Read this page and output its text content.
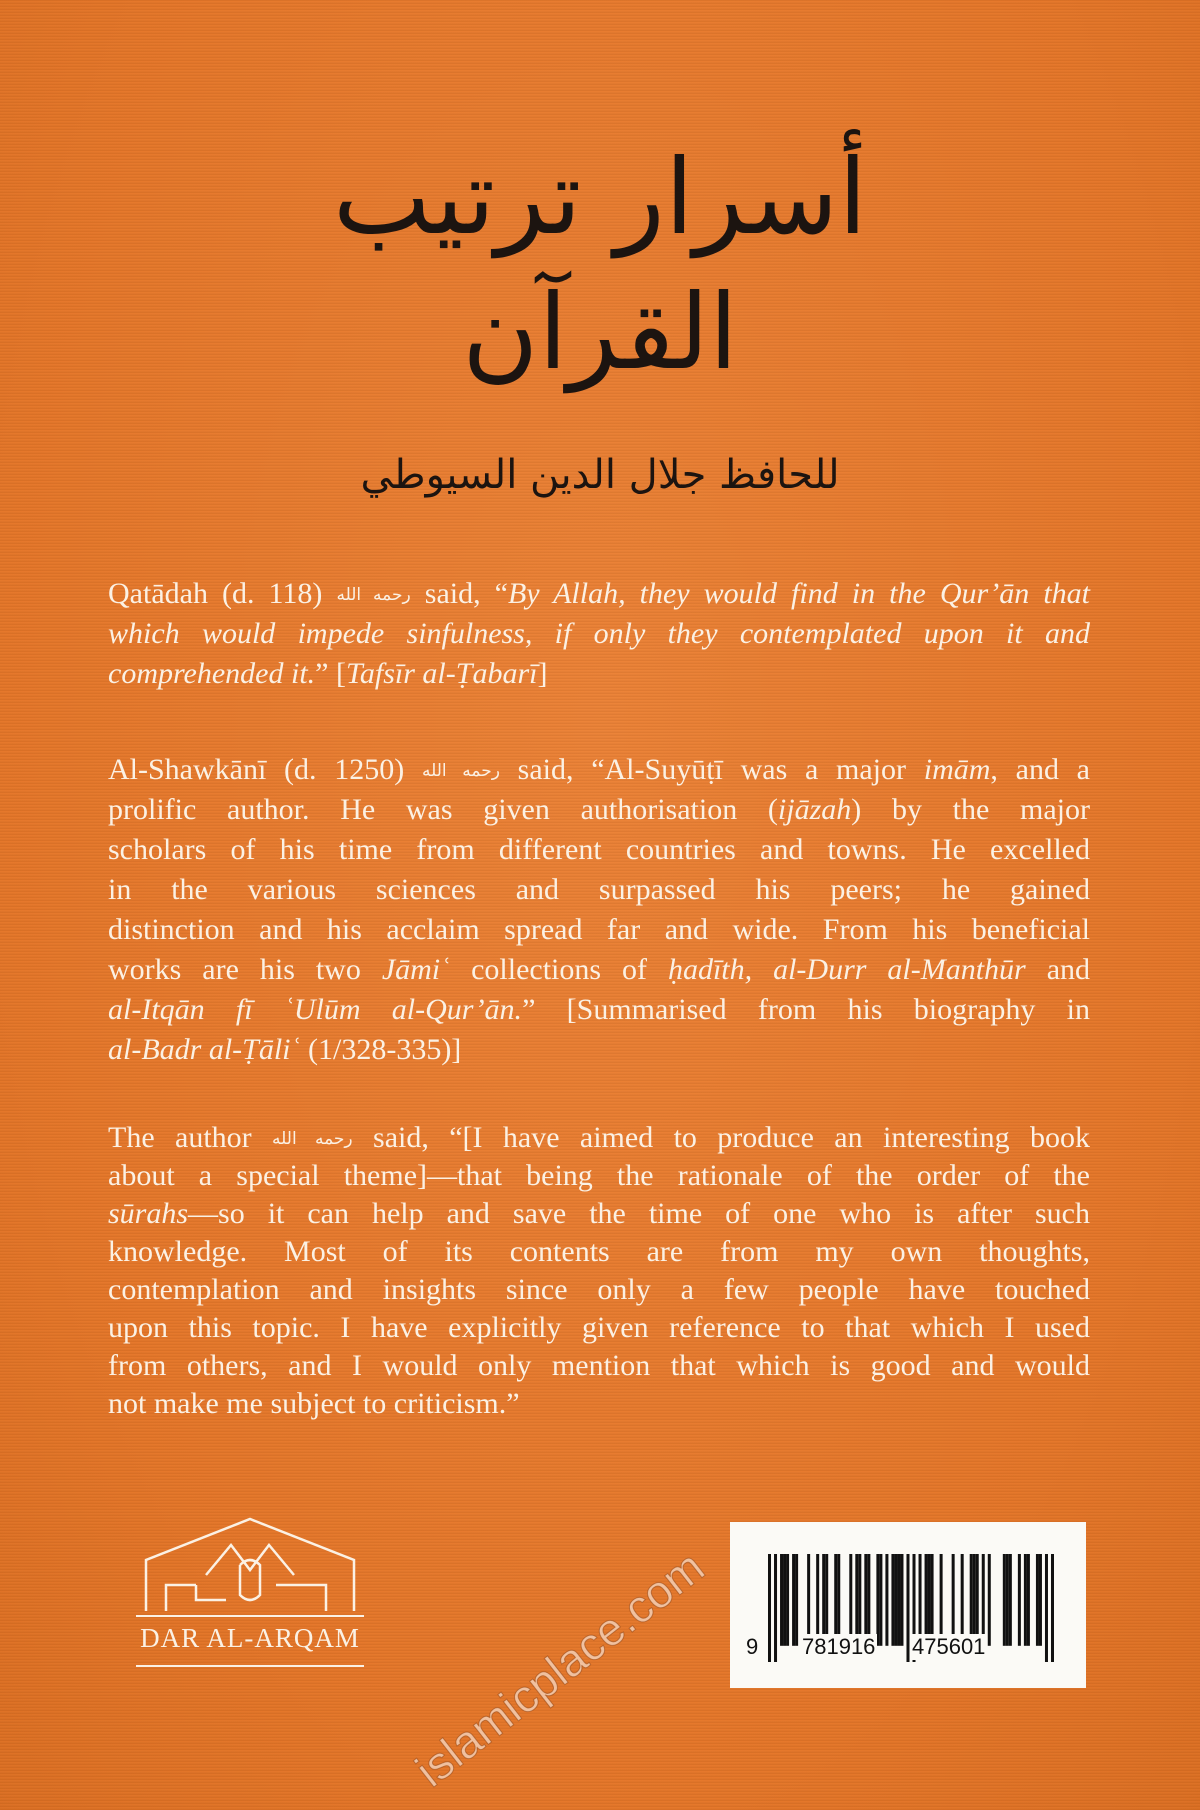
أسرار ترتيب القرآن
للحافظ جلال الدين السيوطي
Qatādah (d. 118) رحمه الله said, “By Allah, they would find in the Qur’ān that
which would impede sinfulness, if only they contemplated upon it and
comprehended it.” [Tafsīr al-Ṭabarī]
Al-Shawkānī (d. 1250) رحمه الله said, “Al-Suyūṭī was a major imām, and a
prolific author. He was given authorisation (ijāzah) by the major
scholars of his time from different countries and towns. He excelled
in the various sciences and surpassed his peers; he gained
distinction and his acclaim spread far and wide. From his beneficial
works are his two Jāmiʿ collections of ḥadīth, al-Durr al-Manthūr and
al-Itqān fī ʿUlūm al-Qur’ān.” [Summarised from his biography in
al-Badr al-Ṭāliʿ (1/328-335)]
The author رحمه الله said, “[I have aimed to produce an interesting book
about a special theme]—that being the rationale of the order of the
sūrahs—so it can help and save the time of one who is after such
knowledge. Most of its contents are from my own thoughts,
contemplation and insights since only a few people have touched
upon this topic. I have explicitly given reference to that which I used
from others, and I would only mention that which is good and would
not make me subject to criticism.”
DAR AL-ARQAM islamicplace.com 9 781916 475601
